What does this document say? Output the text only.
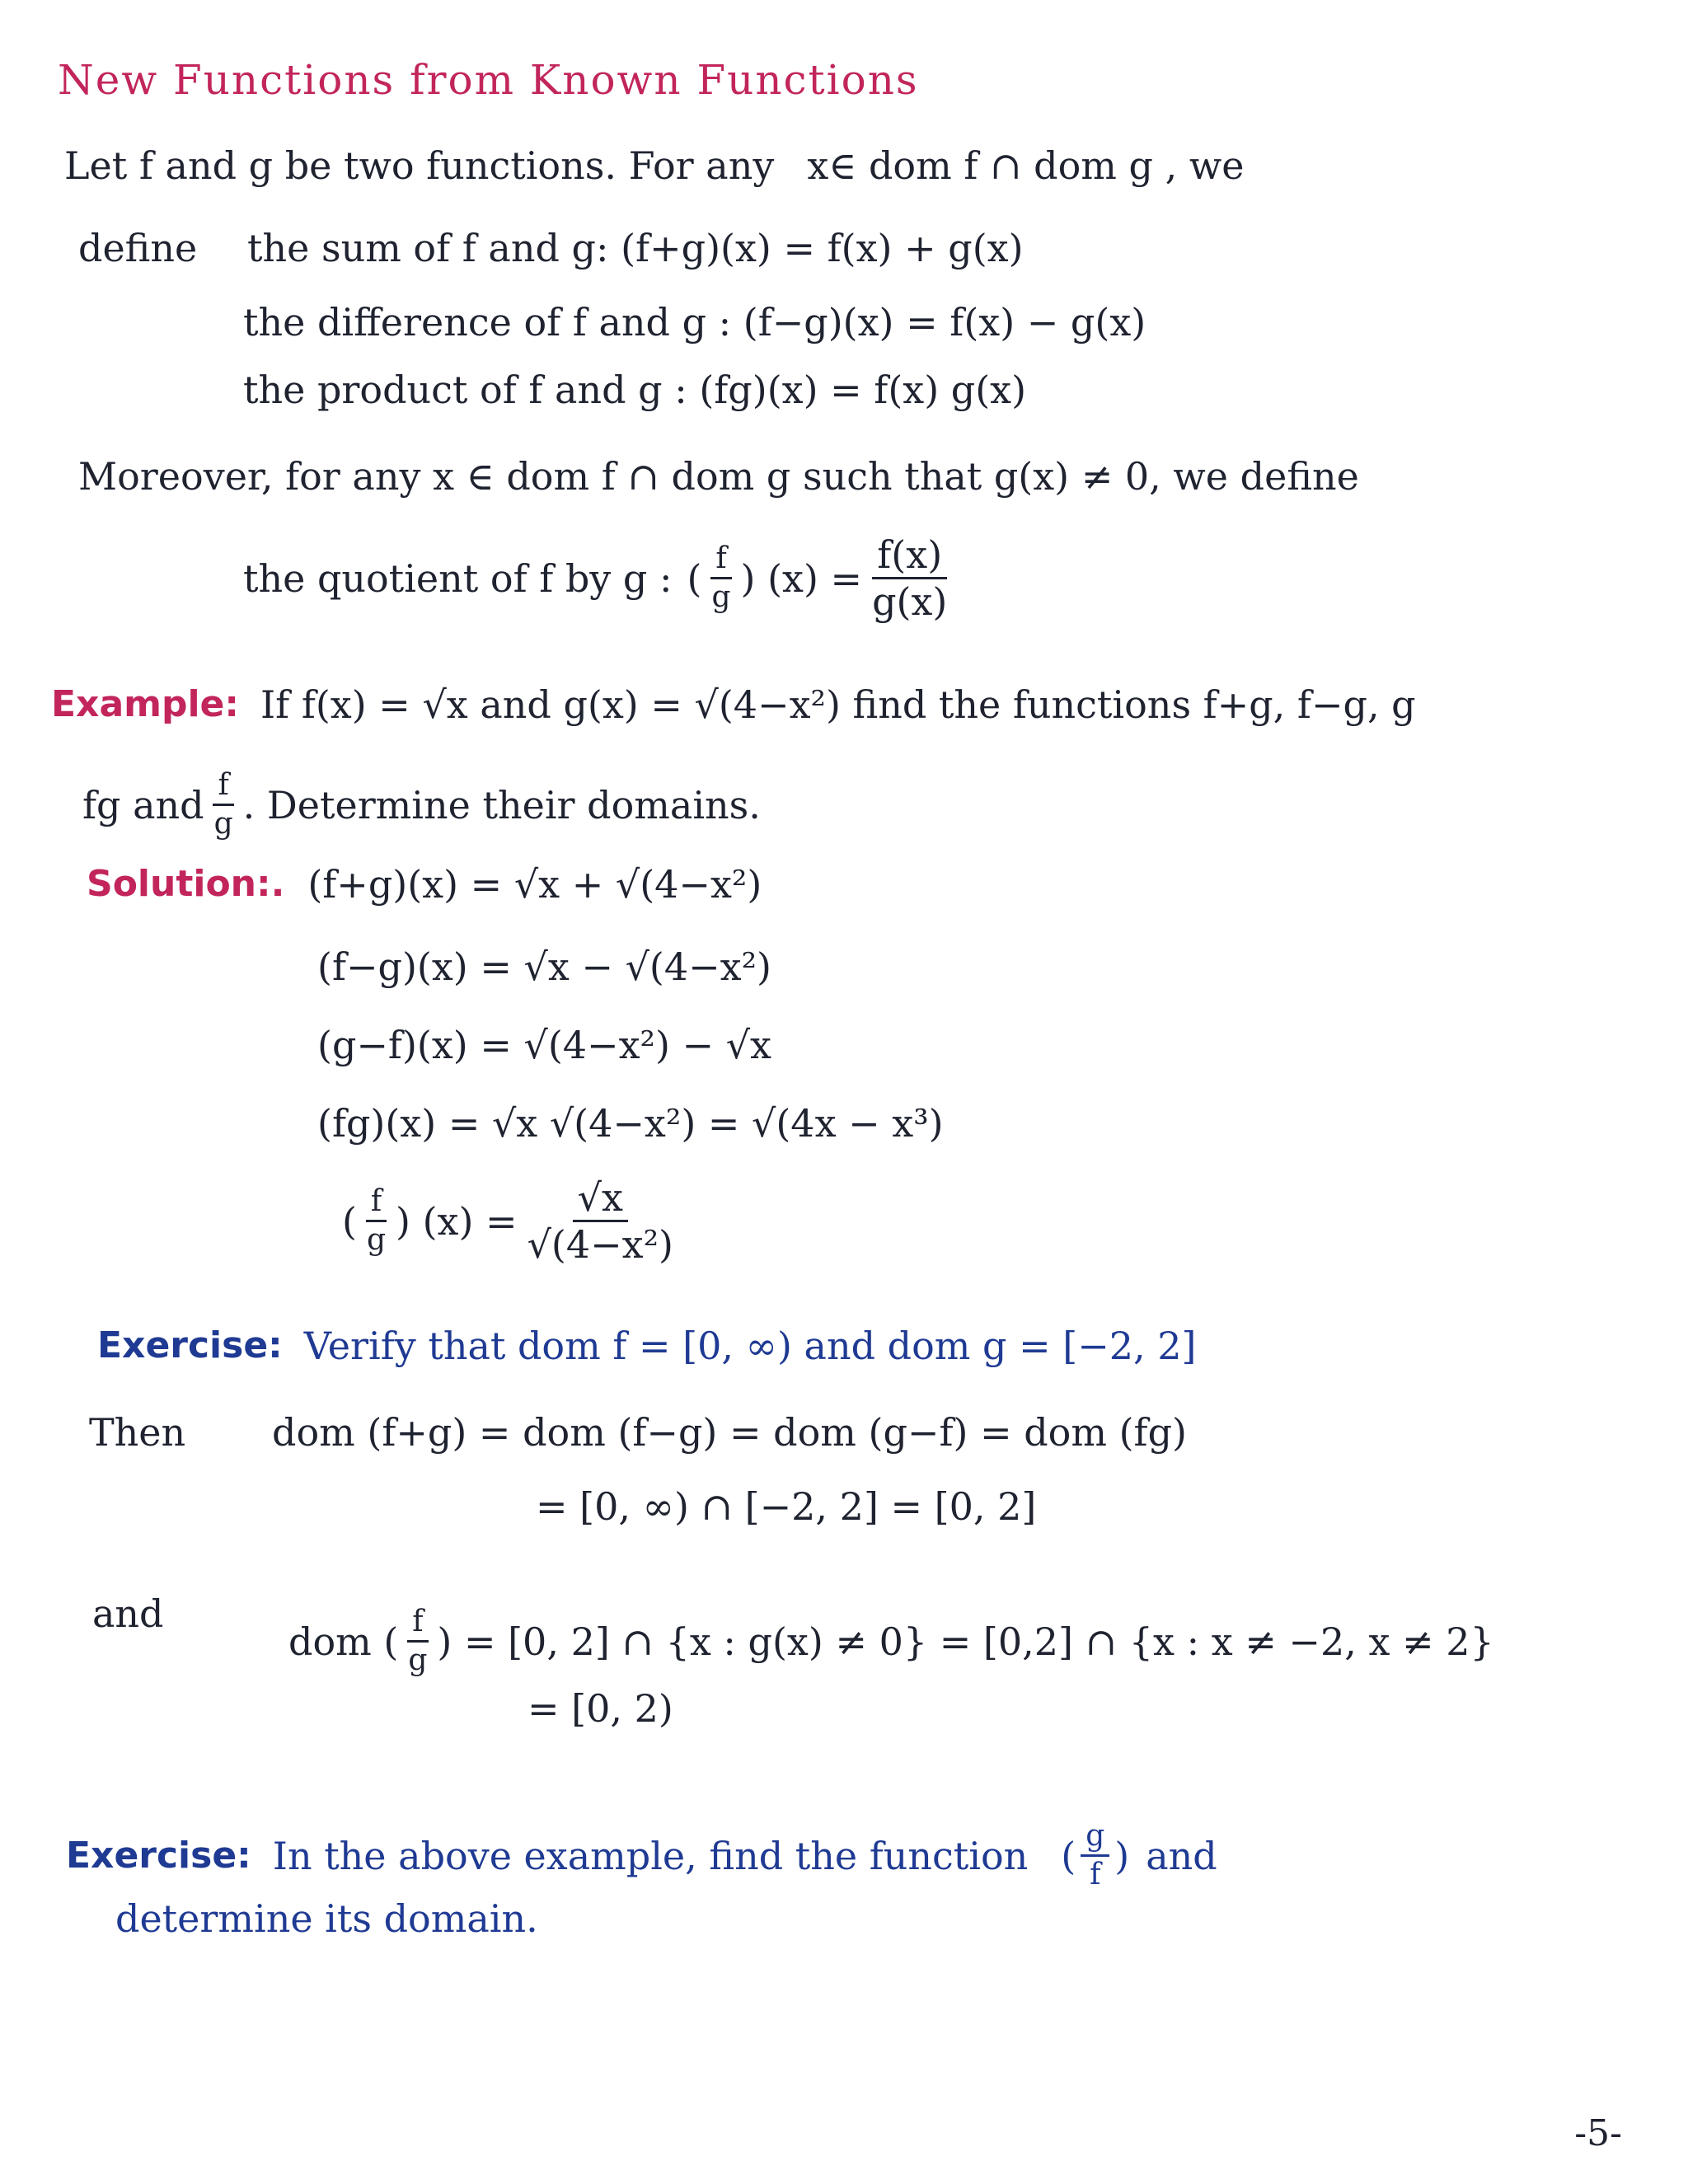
New Functions from Known Functions
Let f and g be two functions. For any x∈ dom f ∩ dom g , we
define the sum of f and g: (f+g)(x) = f(x) + g(x)
the difference of f and g : (f−g)(x) = f(x) − g(x)
the product of f and g : (fg)(x) = f(x) g(x)
Moreover, for any x ∈ dom f ∩ dom g such that g(x) ≠ 0, we define
the quotient of f by g : ( $\frac{f}{g}$ ) $(x) = \frac{f(x)}{g(x)}$
Example: If f(x) = √x and g(x) = √(4−x²) find the functions f+g, f−g, g
fg and $\frac{f}{g}$ . Determine their domains.
Solution:. (f+g)(x) = √x + √(4−x²)
(f−g)(x) = √x − √(4−x²)
(g−f)(x) = √(4−x²) − √x
(fg)(x) = √x √(4−x²) = √(4x − x³)
( $\frac{f}{g}$ ) $(x) = \frac{√x}{\text{√(4−x²)}}$
Exercise: Verify that dom f = [0, ∞) and dom g = [−2, 2]
Then dom (f+g) = dom (f−g) = dom (g−f) = dom (fg)
= [0, ∞) ∩ [−2, 2] = [0, 2]
and
dom ( $\frac{f}{g}$ ) = [0, 2] ∩ {x : g(x) ≠ 0} = [0,2] ∩ {x : x ≠ −2, x ≠ 2}
= [0, 2)
Exercise: In the above example, find the function ( $\frac{g}{f}$ ) and
determine its domain.
-5-
